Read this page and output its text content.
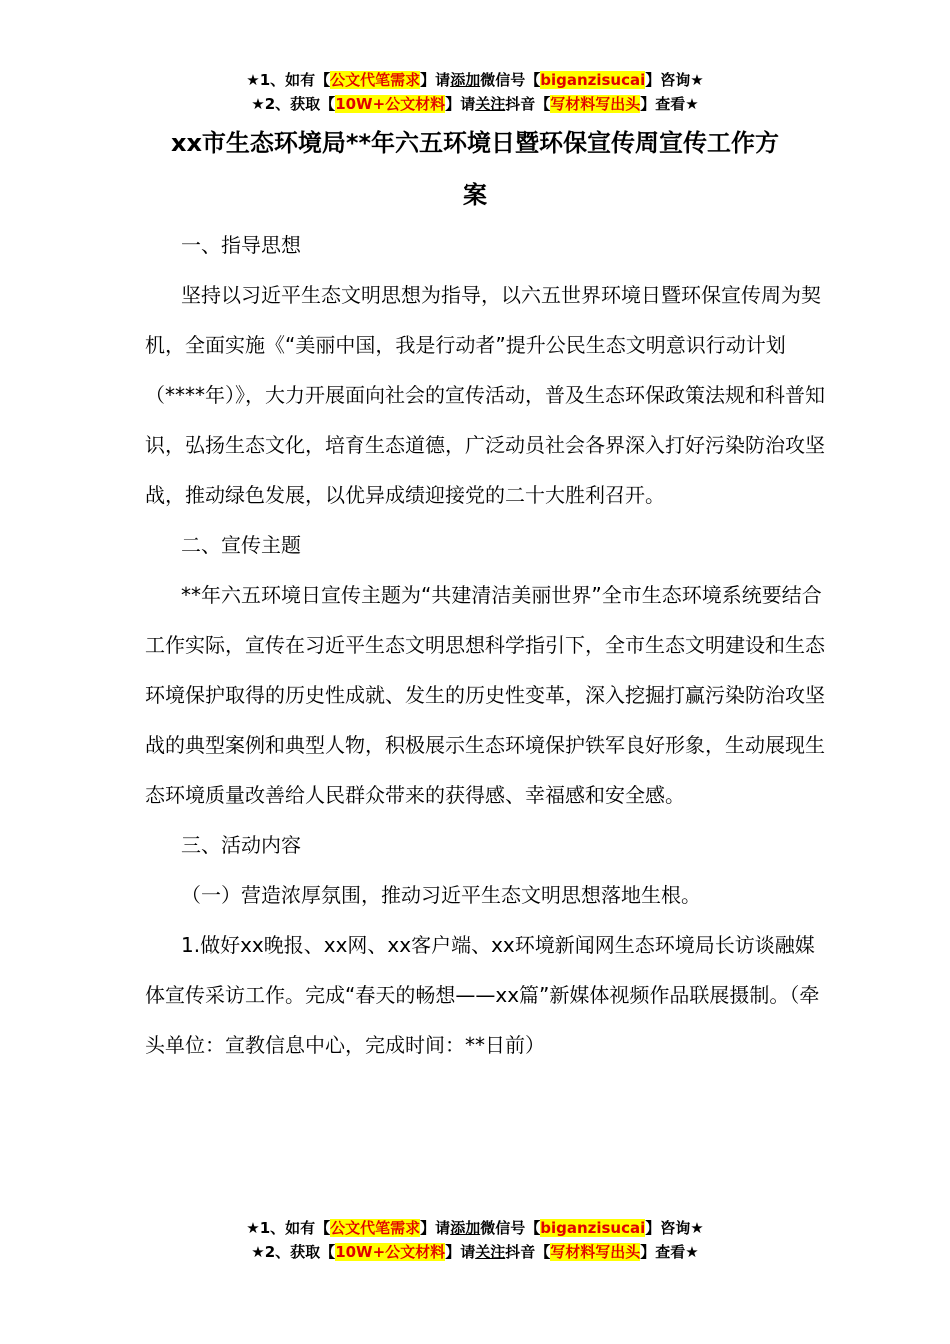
★1、如有【公文代笔需求】请添加微信号【biganzisucai】咨询★
★2、获取【10W+公文材料】请关注抖音【写材料写出头】查看★
xx市生态环境局**年六五环境日暨环保宣传周宣传工作方
案

一、指导思想

坚持以习近平生态文明思想为指导，以六五世界环境日暨环保宣传周为契机，全面实施《“美丽中国，我是行动者”提升公民生态文明意识行动计划（****年）》，大力开展面向社会的宣传活动，普及生态环保政策法规和科普知识，弘扬生态文化，培育生态道德，广泛动员社会各界深入打好污染防治攻坚战，推动绿色发展，以优异成绩迎接党的二十大胜利召开。

二、宣传主题

**年六五环境日宣传主题为“共建清洁美丽世界”全市生态环境系统要结合工作实际，宣传在习近平生态文明思想科学指引下，全市生态文明建设和生态环境保护取得的历史性成就、发生的历史性变革，深入挖掘打赢污染防治攻坚战的典型案例和典型人物，积极展示生态环境保护铁军良好形象，生动展现生态环境质量改善给人民群众带来的获得感、幸福感和安全感。

三、活动内容

（一）营造浓厚氛围，推动习近平生态文明思想落地生根。

1.做好xx晚报、xx网、xx客户端、xx环境新闻网生态环境局长访谈融媒体宣传采访工作。完成“春天的畅想——xx篇”新媒体视频作品联展摄制。（牵头单位：宣教信息中心，完成时间：**日前）

★1、如有【公文代笔需求】请添加微信号【biganzisucai】咨询★
★2、获取【10W+公文材料】请关注抖音【写材料写出头】查看★
